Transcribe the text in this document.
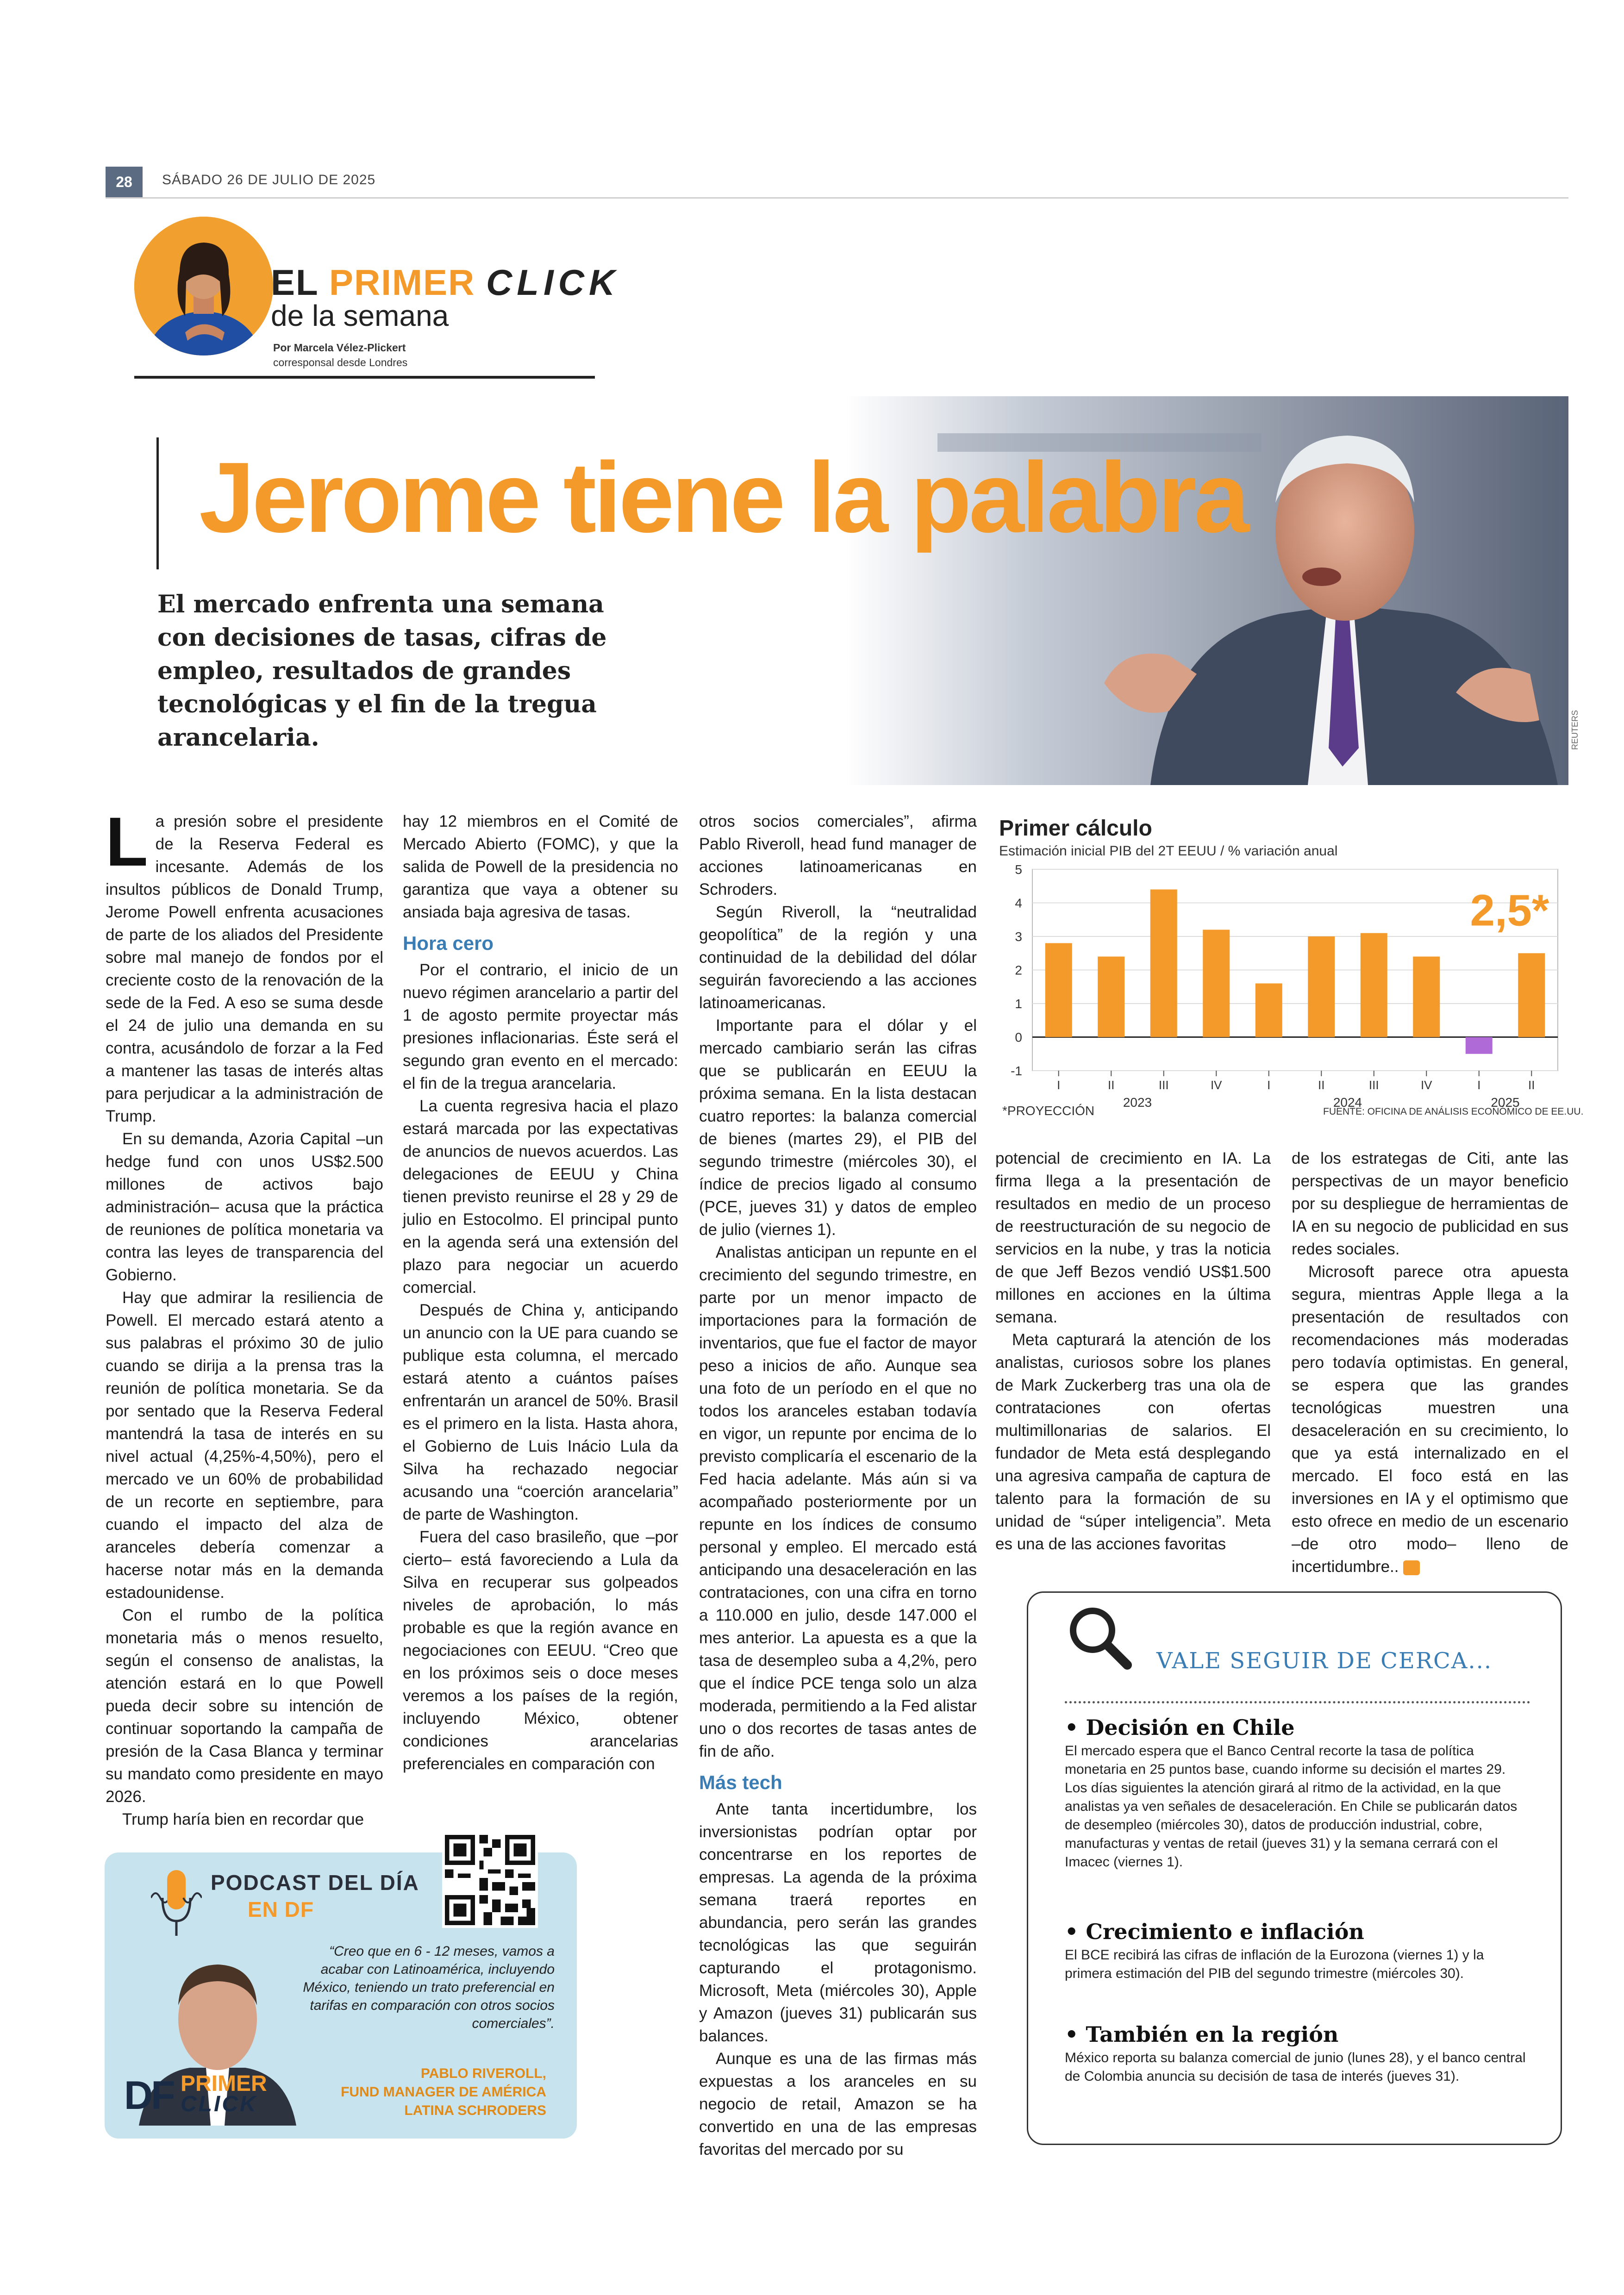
28	SÁBADO 26 DE JULIO DE 2025
EL PRIMER CLICK
de la semana
Por Marcela Vélez-Plickert
corresponsal desde Londres
REUTERS
Jerome tiene la palabra
El mercado enfrenta una semana con decisiones de tasas, cifras de empleo, resultados de grandes tecnológicas y el fin de la tregua arancelaria.
L a presión sobre el presidente de la Reserva Federal es incesante. Además de los insultos públicos de Donald Trump, Jerome Powell enfrenta acusaciones de parte de los aliados del Presidente sobre mal manejo de fondos por el creciente costo de la renovación de la sede de la Fed. A eso se suma desde el 24 de julio una demanda en su contra, acusándolo de forzar a la Fed a mantener las tasas de interés altas para perjudicar a la administración de Trump.

En su demanda, Azoria Capital –un hedge fund con unos US$2.500 millones de activos bajo administración– acusa que la práctica de reuniones de política monetaria va contra las leyes de transparencia del Gobierno.

Hay que admirar la resiliencia de Powell. El mercado estará atento a sus palabras el próximo 30 de julio cuando se dirija a la prensa tras la reunión de política monetaria. Se da por sentado que la Reserva Federal mantendrá la tasa de interés en su nivel actual (4,25%-4,50%), pero el mercado ve un 60% de probabilidad de un recorte en septiembre, para cuando el impacto del alza de aranceles debería comenzar a hacerse notar más en la demanda estadounidense.

Con el rumbo de la política monetaria más o menos resuelto, según el consenso de analistas, la atención estará en lo que Powell pueda decir sobre su intención de continuar soportando la campaña de presión de la Casa Blanca y terminar su mandato como presidente en mayo 2026.

Trump haría bien en recordar que

hay 12 miembros en el Comité de Mercado Abierto (FOMC), y que la salida de Powell de la presidencia no garantiza que vaya a obtener su ansiada baja agresiva de tasas.

Hora cero

Por el contrario, el inicio de un nuevo régimen arancelario a partir del 1 de agosto permite proyectar más presiones inflacionarias. Éste será el segundo gran evento en el mercado: el fin de la tregua arancelaria.

La cuenta regresiva hacia el plazo estará marcada por las expectativas de anuncios de nuevos acuerdos. Las delegaciones de EEUU y China tienen previsto reunirse el 28 y 29 de julio en Estocolmo. El principal punto en la agenda será una extensión del plazo para negociar un acuerdo comercial.

Después de China y, anticipando un anuncio con la UE para cuando se publique esta columna, el mercado estará atento a cuántos países enfrentarán un arancel de 50%. Brasil es el primero en la lista. Hasta ahora, el Gobierno de Luis Inácio Lula da Silva ha rechazado negociar acusando una “coerción arancelaria” de parte de Washington.

Fuera del caso brasileño, que –por cierto– está favoreciendo a Lula da Silva en recuperar sus golpeados niveles de aprobación, lo más probable es que la región avance en negociaciones con EEUU. “Creo que en los próximos seis o doce meses veremos a los países de la región, incluyendo México, obtener condiciones arancelarias preferenciales en comparación con

otros socios comerciales”, afirma Pablo Riveroll, head fund manager de acciones latinoamericanas en Schroders.

Según Riveroll, la “neutralidad geopolítica” de la región y una continuidad de la debilidad del dólar seguirán favoreciendo a las acciones latinoamericanas.

Importante para el dólar y el mercado cambiario serán las cifras que se publicarán en EEUU la próxima semana. En la lista destacan cuatro reportes: la balanza comercial de bienes (martes 29), el PIB del segundo trimestre (miércoles 30), el índice de precios ligado al consumo (PCE, jueves 31) y datos de empleo de julio (viernes 1).

Analistas anticipan un repunte en el crecimiento del segundo trimestre, en parte por un menor impacto de importaciones para la formación de inventarios, que fue el factor de mayor peso a inicios de año. Aunque sea una foto de un período en el que no todos los aranceles estaban todavía en vigor, un repunte por encima de lo previsto complicaría el escenario de la Fed hacia adelante. Más aún si va acompañado posteriormente por un repunte en los índices de consumo personal y empleo. El mercado está anticipando una desaceleración en las contrataciones, con una cifra en torno a 110.000 en julio, desde 147.000 el mes anterior. La apuesta es a que la tasa de desempleo suba a 4,2%, pero que el índice PCE tenga solo un alza moderada, permitiendo a la Fed alistar uno o dos recortes de tasas antes de fin de año.

Más tech

Ante tanta incertidumbre, los inversionistas podrían optar por concentrarse en los reportes de empresas. La agenda de la próxima semana traerá reportes en abundancia, pero serán las grandes tecnológicas las que seguirán capturando el protagonismo. Microsoft, Meta (miércoles 30), Apple y Amazon (jueves 31) publicarán sus balances.

Aunque es una de las firmas más expuestas a los aranceles en su negocio de retail, Amazon se ha convertido en una de las empresas favoritas del mercado por su

potencial de crecimiento en IA. La firma llega a la presentación de resultados en medio de un proceso de reestructuración de su negocio de servicios en la nube, y tras la noticia de que Jeff Bezos vendió US$1.500 millones en acciones en la última semana.

Meta capturará la atención de los analistas, curiosos sobre los planes de Mark Zuckerberg tras una ola de contrataciones con ofertas multimillonarias de salarios. El fundador de Meta está desplegando una agresiva campaña de captura de talento para la formación de su unidad de “súper inteligencia”. Meta es una de las acciones favoritas

de los estrategas de Citi, ante las perspectivas de un mayor beneficio por su despliegue de herramientas de IA en su negocio de publicidad en sus redes sociales.

Microsoft parece otra apuesta segura, mientras Apple llega a la presentación de resultados con recomendaciones más moderadas pero todavía optimistas. En general, se espera que las grandes tecnológicas muestren una desaceleración en su crecimiento, lo que ya está internalizado en el mercado. El foco está en las inversiones en IA y el optimismo que esto ofrece en medio de un escenario –de otro modo– lleno de incertidumbre.. S

Primer cálculo
Estimación inicial PIB del 2T EEUU / % variación anual
-1
0
1
2
3
4
5
I	II	III	IV	I	II	III	IV	I	II
2023	2024	2025
2,5*
*PROYECCIÓN	FUENTE: OFICINA DE ANÁLISIS ECONÓMICO DE EE.UU.
PODCAST DEL DÍA
EN DF
“Creo que en 6 - 12 meses, vamos a acabar con Latinoamérica, incluyendo México, teniendo un trato preferencial en tarifas en comparación con otros socios comerciales”.
PABLO RIVEROLL,
FUND MANAGER DE AMÉRICA LATINA SCHRODERS
DF PRIMER
CLICK
VALE SEGUIR DE CERCA...
• Decisión en Chile
El mercado espera que el Banco Central recorte la tasa de política monetaria en 25 puntos base, cuando informe su decisión el martes 29. Los días siguientes la atención girará al ritmo de la actividad, en la que analistas ya ven señales de desaceleración. En Chile se publicarán datos de desempleo (miércoles 30), datos de producción industrial, cobre, manufacturas y ventas de retail (jueves 31) y la semana cerrará con el Imacec (viernes 1).
• Crecimiento e inflación
El BCE recibirá las cifras de inflación de la Eurozona (viernes 1) y la primera estimación del PIB del segundo trimestre (miércoles 30).
• También en la región
México reporta su balanza comercial de junio (lunes 28), y el banco central de Colombia anuncia su decisión de tasa de interés (jueves 31).
